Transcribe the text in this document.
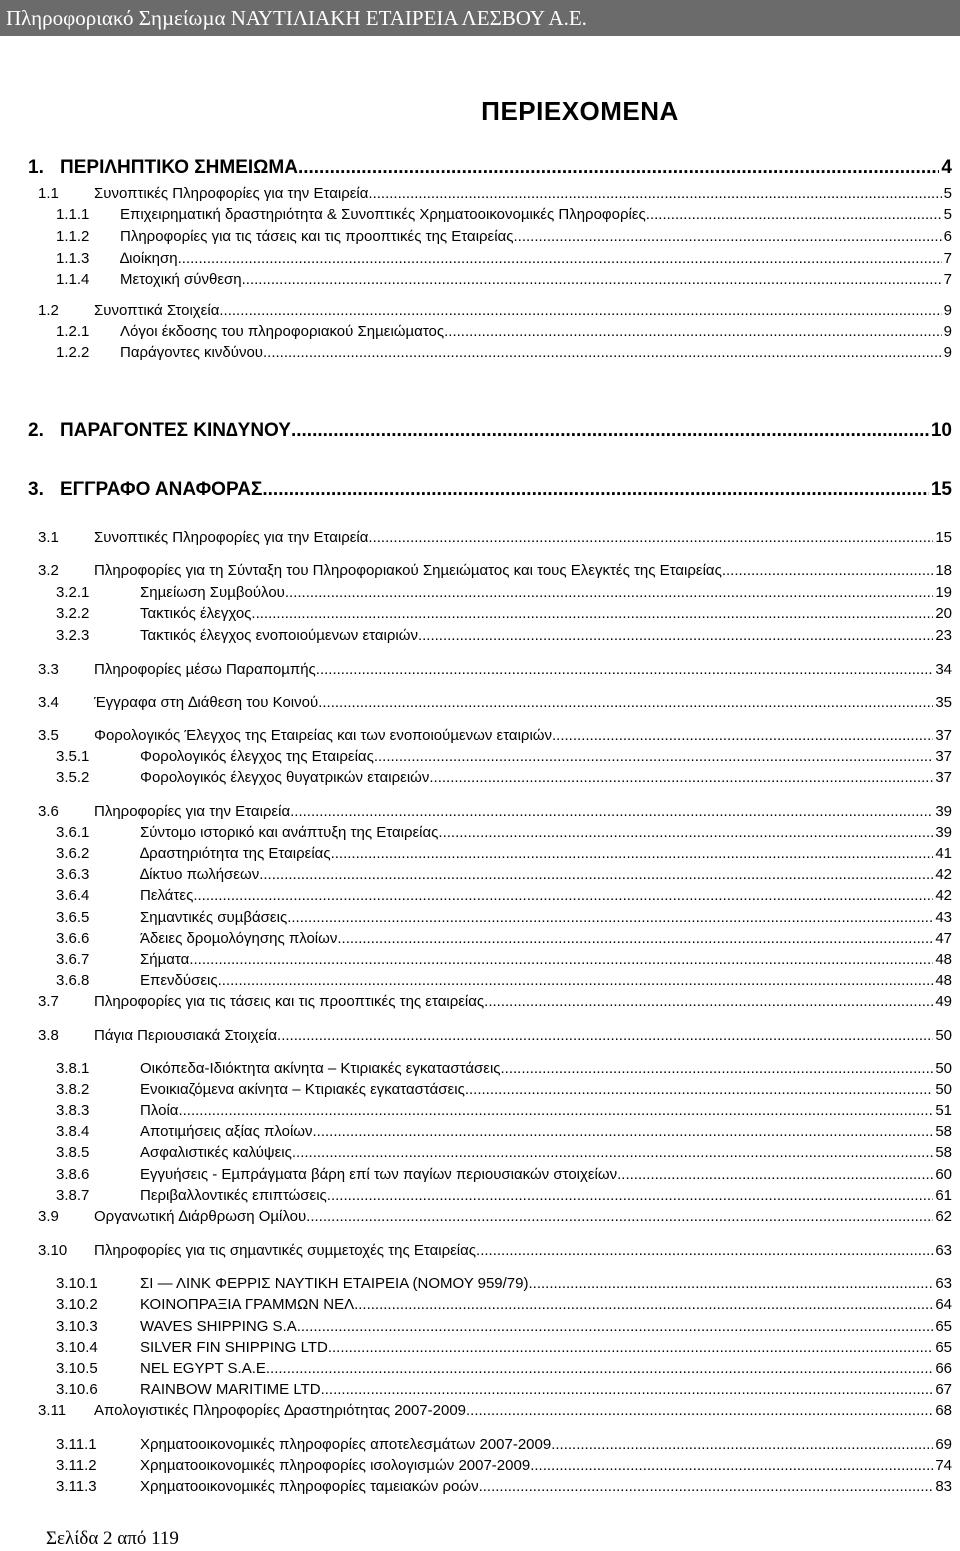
Πληροφοριακό Σηµείωµα ΝΑΥΤΙΛΙΑΚΗ ΕΤΑΙΡΕΙΑ ΛΕΣΒΟΥ Α.Ε.
ΠΕΡΙΕΧΟΜΕΝΑ
1. ΠΕΡΙΛΗΠΤΙΚΟ ΣΗΜΕΙΩΜΑ .....	4
1.1 Συνοπτικές Πληροφορίες για την Εταιρεία .....	5
1.1.1 Επιχειρηµατική δραστηριότητα & Συνοπτικές Χρηµατοοικονοµικές Πληροφορίες .....	5
1.1.2 Πληροφορίες για τις τάσεις και τις προοπτικές της Εταιρείας .....	6
1.1.3 ∆ιοίκηση .....	7
1.1.4 Μετοχική σύνθεση .....	7
1.2 Συνοπτικά Στοιχεία .....	9
1.2.1 Λόγοι έκδοσης του πληροφοριακού Σηµειώµατος .....	9
1.2.2 Παράγοντες κινδύνου .....	9
2. ΠΑΡΑΓΟΝΤΕΣ ΚΙΝ∆ΥΝΟΥ .....	10
3. ΕΓΓΡΑΦΟ ΑΝΑΦΟΡΑΣ .....	15
3.1 Συνοπτικές Πληροφορίες για την Εταιρεία .....	15
3.2 Πληροφορίες για τη Σύνταξη του Πληροφοριακού Σηµειώµατος και τους Ελεγκτές της Εταιρείας .....	18
3.2.1	Σηµείωση Συµβούλου .....	19
3.2.2	Τακτικός έλεγχος .....	20
3.2.3	Τακτικός έλεγχος ενοποιούµενων εταιριών .....	23
3.3 Πληροφορίες µέσω Παραποµπής .....	34
3.4 Έγγραφα στη ∆ιάθεση του Κοινού .....	35
3.5 Φορολογικός Έλεγχος της Εταιρείας και των ενοποιούµενων εταιριών .....	37
3.5.1	Φορολογικός έλεγχος της Εταιρείας .....	37
3.5.2	Φορολογικός έλεγχος θυγατρικών εταιρειών .....	37
3.6 Πληροφορίες για την Εταιρεία .....	39
3.6.1	Σύντοµο ιστορικό και ανάπτυξη της Εταιρείας .....	39
3.6.2	∆ραστηριότητα της Εταιρείας .....	41
3.6.3	∆ίκτυο πωλήσεων .....	42
3.6.4	Πελάτες .....	42
3.6.5	Σηµαντικές συµβάσεις .....	43
3.6.6	Άδειες δροµολόγησης πλοίων .....	47
3.6.7	Σήµατα .....	48
3.6.8	Επενδύσεις .....	48
3.7 Πληροφορίες για τις τάσεις και τις προοπτικές της εταιρείας .....	49
3.8 Πάγια Περιουσιακά Στοιχεία .....	50
3.8.1	Οικόπεδα-Ιδιόκτητα ακίνητα – Κτιριακές εγκαταστάσεις .....	50
3.8.2	Ενοικιαζόµενα ακίνητα – Κτιριακές εγκαταστάσεις .....	50
3.8.3	Πλοία .....	51
3.8.4	Αποτιµήσεις αξίας πλοίων .....	58
3.8.5	Ασφαλιστικές καλύψεις .....	58
3.8.6	Εγγυήσεις - Εµπράγµατα βάρη επί των παγίων περιουσιακών στοιχείων .....	60
3.8.7	Περιβαλλοντικές επιπτώσεις .....	61
3.9 Οργανωτική ∆ιάρθρωση Οµίλου .....	62
3.10 Πληροφορίες για τις σηµαντικές συµµετοχές της Εταιρείας .....	63
3.10.1	ΣΙ — ΛΙΝΚ ΦΕΡΡΙΣ ΝΑΥΤΙΚΗ ΕΤΑΙΡΕΙΑ (ΝΟΜΟΥ 959/79) .....	63
3.10.2	ΚΟΙΝΟΠΡΑΞΙΑ ΓΡΑΜΜΩΝ ΝΕΛ .....	64
3.10.3	WAVES SHIPPING S.A. .....	65
3.10.4	SILVER FIN SHIPPING LTD .....	65
3.10.5	NEL EGYPT S.A.E .....	66
3.10.6	RAINBOW MARITIME LTD .....	67
3.11 Απολογιστικές Πληροφορίες ∆ραστηριότητας 2007-2009 .....	68
3.11.1	Χρηµατοοικονοµικές πληροφορίες αποτελεσµάτων 2007-2009 .....	69
3.11.2	Χρηµατοοικονοµικές πληροφορίες ισολογισµών 2007-2009 .....	74
3.11.3	Χρηµατοοικονοµικές πληροφορίες ταµειακών ροών .....	83
Σελίδα 2 από 119
